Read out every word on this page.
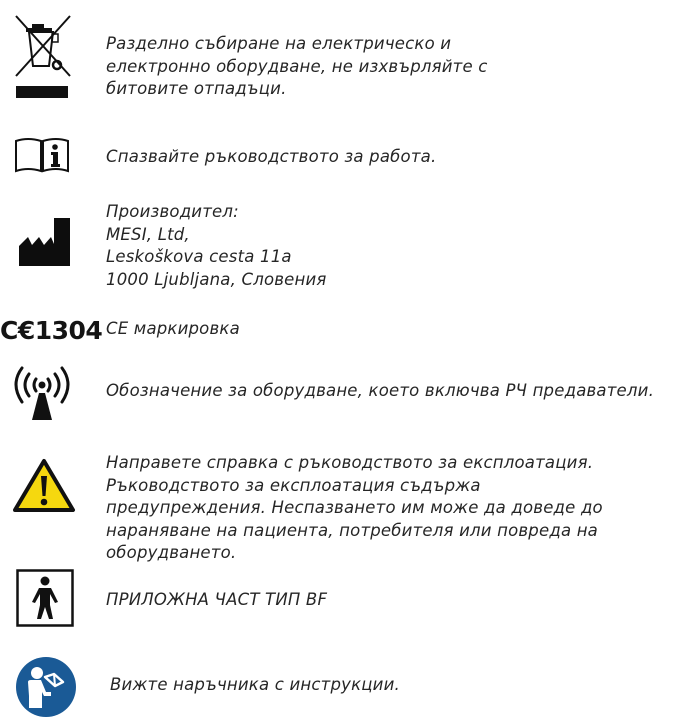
Разделно събиране на електрическо и
електронно оборудване, не изхвърляйте с
битовите отпадъци.
Спазвайте ръководството за работа.
Производител:
MESI, Ltd,
Leskoškova cesta 11a
1000 Ljubljana, Словения
C€1304 CE маркировка
Обозначение за оборудване, което включва РЧ предаватели.
Направете справка с ръководството за експлоатация.
Ръководството за експлоатация съдържа
предупреждения. Неспазването им може да доведе до
нараняване на пациента, потребителя или повреда на
оборудването.
ПРИЛОЖНА ЧАСТ ТИП BF
Вижте наръчника с инструкции.
